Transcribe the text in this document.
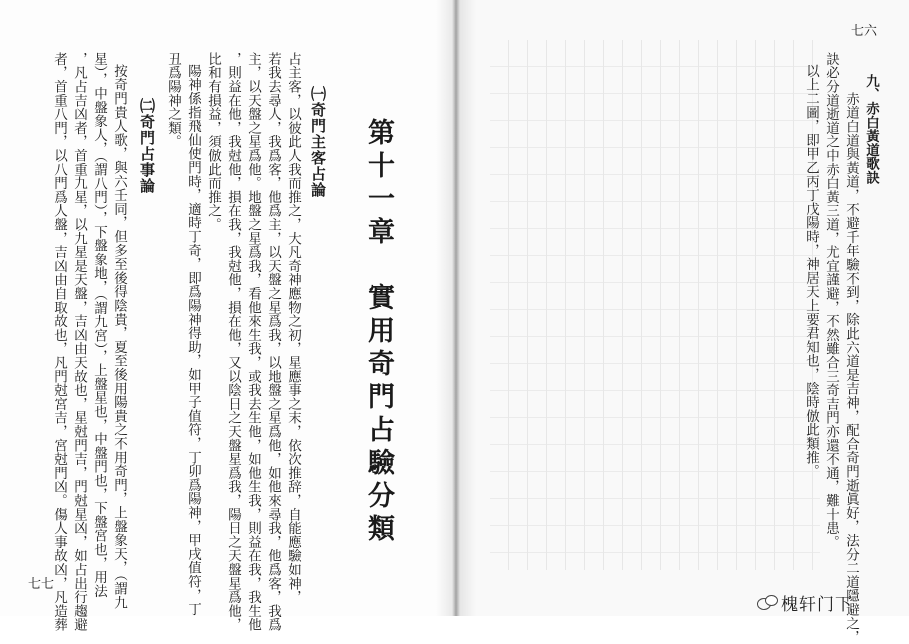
第十一章　實用奇門占驗分類
㈠奇門主客占論
占主客，以彼此人我而推之，大凡奇神應物之初，星應事之末，依次推辞，自能應驗如神，
若我去尋人，我爲客，他爲主，以天盤之星爲我，以地盤之星爲他，如他來尋我，他爲客，我爲
主，以天盤之星爲他。地盤之星爲我，看他來生我，或我去生他，如他生我，則益在我，我生他
，則益在他，我尅他，損在我，我尅他，損在他，又以陰日之天盤星爲我，陽日之天盤星爲他，
比和有損益，須倣此而推之。
陽神係指飛仙使門時，適時丁奇，即爲陽神得助，如甲子值符，丁卯爲陽神，甲戌值符，丁
丑爲陽神之類。
㈡奇門占事論
按奇門貴人歌，與六壬同，但多至後得陰貴，夏至後用陽貴之不用奇門，上盤象天，（謂九
星），中盤象人，（謂八門），下盤象地，（謂九宮），上盤星也，中盤門也，下盤宮也，用法
，凡占吉凶者，首重九星，以九星是天盤，吉凶由天故也，星尅門吉，門尅星凶，如占出行趨避
者，首重八門，以八門爲人盤，吉凶由自取故也，凡門尅宮吉，宮尅門凶。傷人事故凶，凡造葬
七七
九、赤白黃道歌訣
赤道白道與黃道，不避千年驗不到，除此六道是吉神，配合奇門逝眞好，法分二道隱避之，
訣必分道逝道之中赤白黃三道，尤宜謹避，不然雖合三奇吉門亦還不通，難十患。
以上二圖，即甲乙丙丁戊陽時，神居天上要君知也，陰時倣此類推。
七六
槐轩门下
